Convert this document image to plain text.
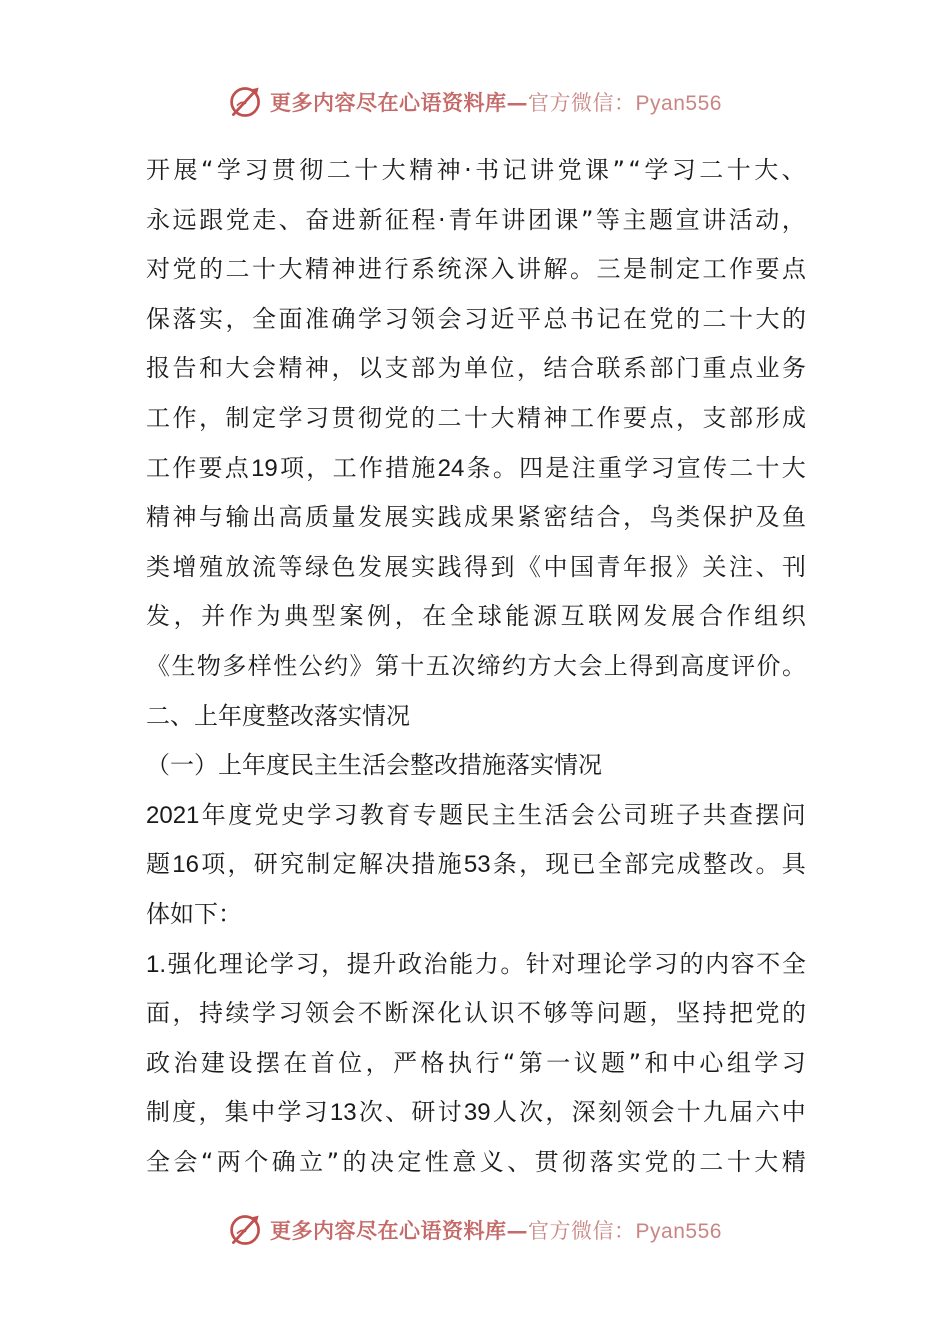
更多内容尽在心语资料库—官方微信：Pyan556
开 展 “ 学 习 贯 彻 二 十 大 精 神 · 书 记 讲 党 课 ” “ 学 习 二 十 大 、
永 远 跟 党 走 、 奋 进 新 征 程 · 青 年 讲 团 课 ” 等 主 题 宣 讲 活 动 ，
对 党 的 二 十 大 精 神 进 行 系 统 深 入 讲 解 。 三 是 制 定 工 作 要 点
保 落 实 ， 全 面 准 确 学 习 领 会 习 近 平 总 书 记 在 党 的 二 十 大 的
报 告 和 大 会 精 神 ， 以 支 部 为 单 位 ， 结 合 联 系 部 门 重 点 业 务
工 作 ， 制 定 学 习 贯 彻 党 的 二 十 大 精 神 工 作 要 点 ， 支 部 形 成
工 作 要 点 19 项 ， 工 作 措 施 24 条 。 四 是 注 重 学 习 宣 传 二 十 大
精 神 与 输 出 高 质 量 发 展 实 践 成 果 紧 密 结 合 ， 鸟 类 保 护 及 鱼
类 增 殖 放 流 等 绿 色 发 展 实 践 得 到 《 中 国 青 年 报 》 关 注 、 刊
发 ， 并 作 为 典 型 案 例 ， 在 全 球 能 源 互 联 网 发 展 合 作 组 织
《 生 物 多 样 性 公 约 》 第 十 五 次 缔 约 方 大 会 上 得 到 高 度 评 价 。
二 、 上 年 度 整 改 落 实 情 况
（ 一 ） 上 年 度 民 主 生 活 会 整 改 措 施 落 实 情 况
2021 年 度 党 史 学 习 教 育 专 题 民 主 生 活 会 公 司 班 子 共 查 摆 问
题 16 项 ， 研 究 制 定 解 决 措 施 53 条 ， 现 已 全 部 完 成 整 改 。 具
体 如 下 ：
1. 强 化 理 论 学 习 ， 提 升 政 治 能 力 。 针 对 理 论 学 习 的 内 容 不 全
面 ， 持 续 学 习 领 会 不 断 深 化 认 识 不 够 等 问 题 ， 坚 持 把 党 的
政 治 建 设 摆 在 首 位 ， 严 格 执 行 “ 第 一 议 题 ” 和 中 心 组 学 习
制 度 ， 集 中 学 习 13 次 、 研 讨 39 人 次 ， 深 刻 领 会 十 九 届 六 中
全 会 “ 两 个 确 立 ” 的 决 定 性 意 义 、 贯 彻 落 实 党 的 二 十 大 精
更多内容尽在心语资料库—官方微信：Pyan556
